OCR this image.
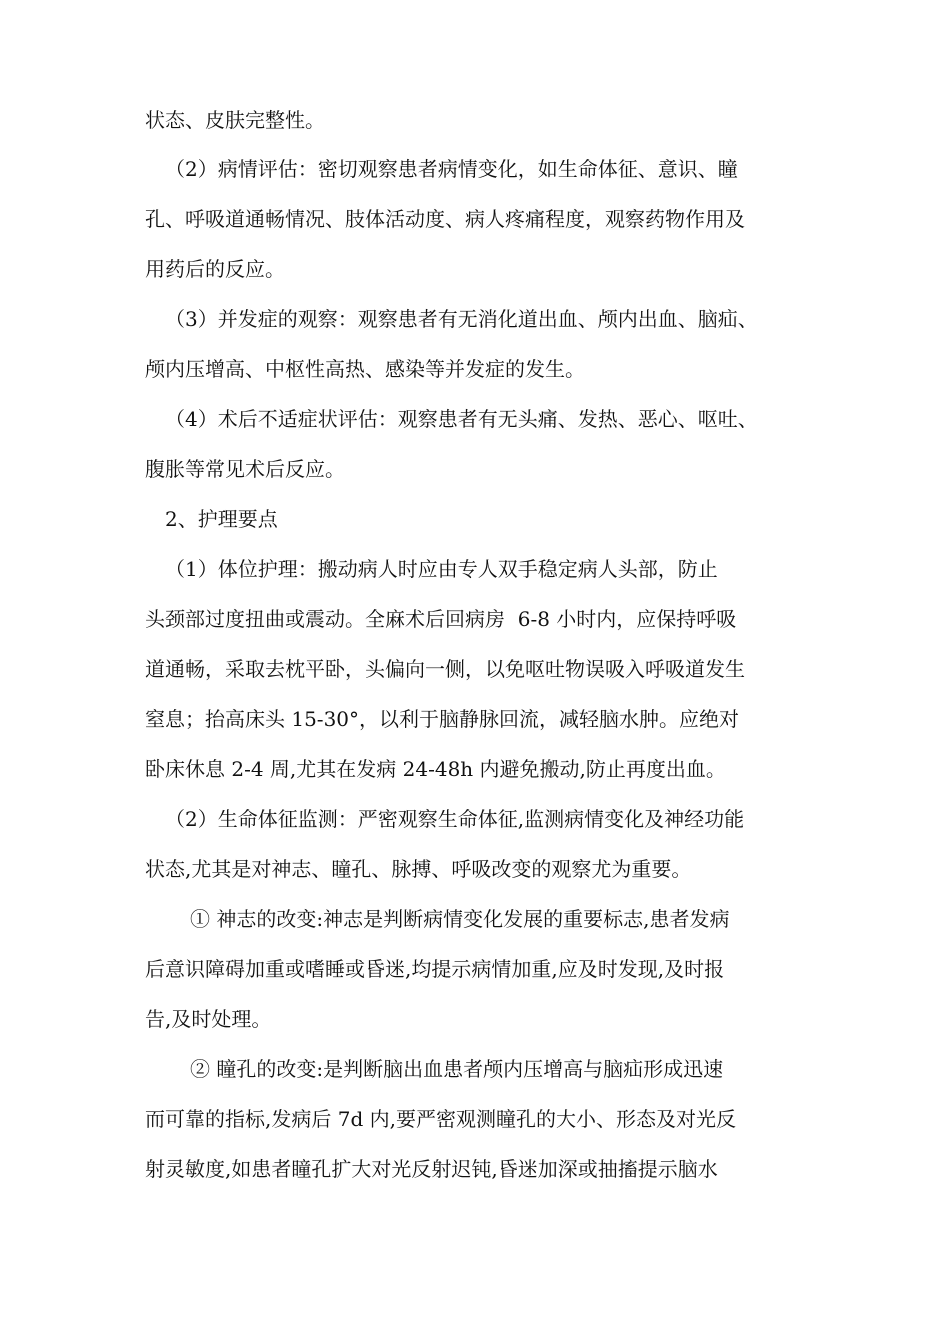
状态、皮肤完整性。
（2）病情评估：密切观察患者病情变化，如生命体征、意识、瞳
孔、呼吸道通畅情况、肢体活动度、病人疼痛程度，观察药物作用及
用药后的反应。
（3）并发症的观察：观察患者有无消化道出血、颅内出血、脑疝、
颅内压增高、中枢性高热、感染等并发症的发生。
（4）术后不适症状评估：观察患者有无头痛、发热、恶心、呕吐、
腹胀等常见术后反应。
2、护理要点
（1）体位护理：搬动病人时应由专人双手稳定病人头部，防止
头颈部过度扭曲或震动。全麻术后回病房  6-8 小时内，应保持呼吸
道通畅，采取去枕平卧，头偏向一侧，以免呕吐物误吸入呼吸道发生
窒息；抬高床头 15-30°，以利于脑静脉回流，减轻脑水肿。应绝对
卧床休息 2-4 周,尤其在发病 24-48h 内避免搬动,防止再度出血。
（2）生命体征监测：严密观察生命体征,监测病情变化及神经功能
状态,尤其是对神志、瞳孔、脉搏、呼吸改变的观察尤为重要。
① 神志的改变:神志是判断病情变化发展的重要标志,患者发病
后意识障碍加重或嗜睡或昏迷,均提示病情加重,应及时发现,及时报
告,及时处理。
② 瞳孔的改变:是判断脑出血患者颅内压增高与脑疝形成迅速
而可靠的指标,发病后 7d 内,要严密观测瞳孔的大小、形态及对光反
射灵敏度,如患者瞳孔扩大对光反射迟钝,昏迷加深或抽搐提示脑水
